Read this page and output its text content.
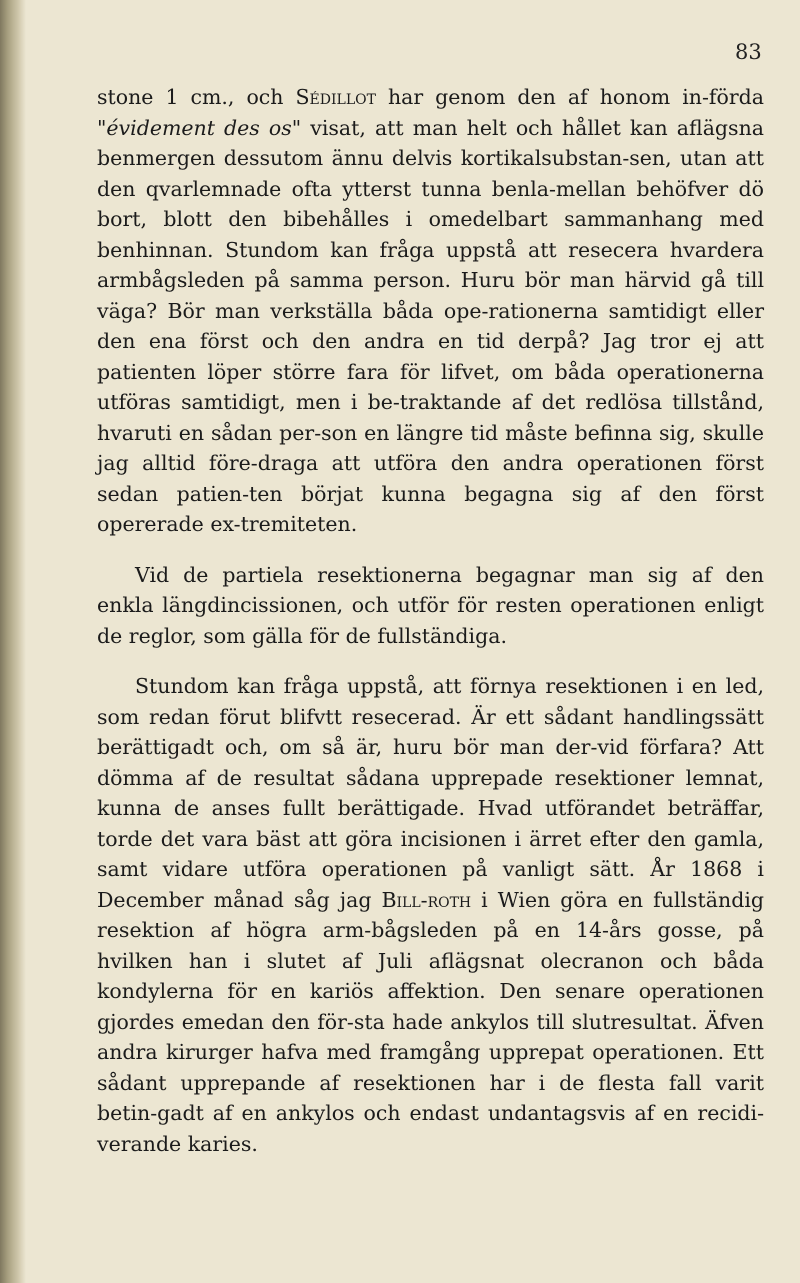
83

stone 1 cm., och Sédillot har genom den af honom in-förda "évidement des os" visat, att man helt och hållet kan aflägsna benmergen dessutom ännu delvis kortikalsubstan-sen, utan att den qvarlemnade ofta ytterst tunna benla-mellan behöfver dö bort, blott den bibehålles i omedelbart sammanhang med benhinnan. Stundom kan fråga uppstå att resecera hvardera armbågsleden på samma person. Huru bör man härvid gå till väga? Bör man verkställa båda ope-rationerna samtidigt eller den ena först och den andra en tid derpå? Jag tror ej att patienten löper större fara för lifvet, om båda operationerna utföras samtidigt, men i be-traktande af det redlösa tillstånd, hvaruti en sådan per-son en längre tid måste befinna sig, skulle jag alltid före-draga att utföra den andra operationen först sedan patien-ten börjat kunna begagna sig af den först opererade ex-tremiteten.

Vid de partiela resektionerna begagnar man sig af den enkla längdincissionen, och utför för resten operationen enligt de reglor, som gälla för de fullständiga.

Stundom kan fråga uppstå, att förnya resektionen i en led, som redan förut blifvtt resecerad. Är ett sådant handlingssätt berättigadt och, om så är, huru bör man der-vid förfara? Att dömma af de resultat sådana upprepade resektioner lemnat, kunna de anses fullt berättigade. Hvad utförandet beträffar, torde det vara bäst att göra incisionen i ärret efter den gamla, samt vidare utföra operationen på vanligt sätt. År 1868 i December månad såg jag Bill-roth i Wien göra en fullständig resektion af högra arm-bågsleden på en 14-års gosse, på hvilken han i slutet af Juli aflägsnat olecranon och båda kondylerna för en kariös affektion. Den senare operationen gjordes emedan den för-sta hade ankylos till slutresultat. Äfven andra kirurger hafva med framgång upprepat operationen. Ett sådant upprepande af resektionen har i de flesta fall varit betin-gadt af en ankylos och endast undantagsvis af en recidi-verande karies.
